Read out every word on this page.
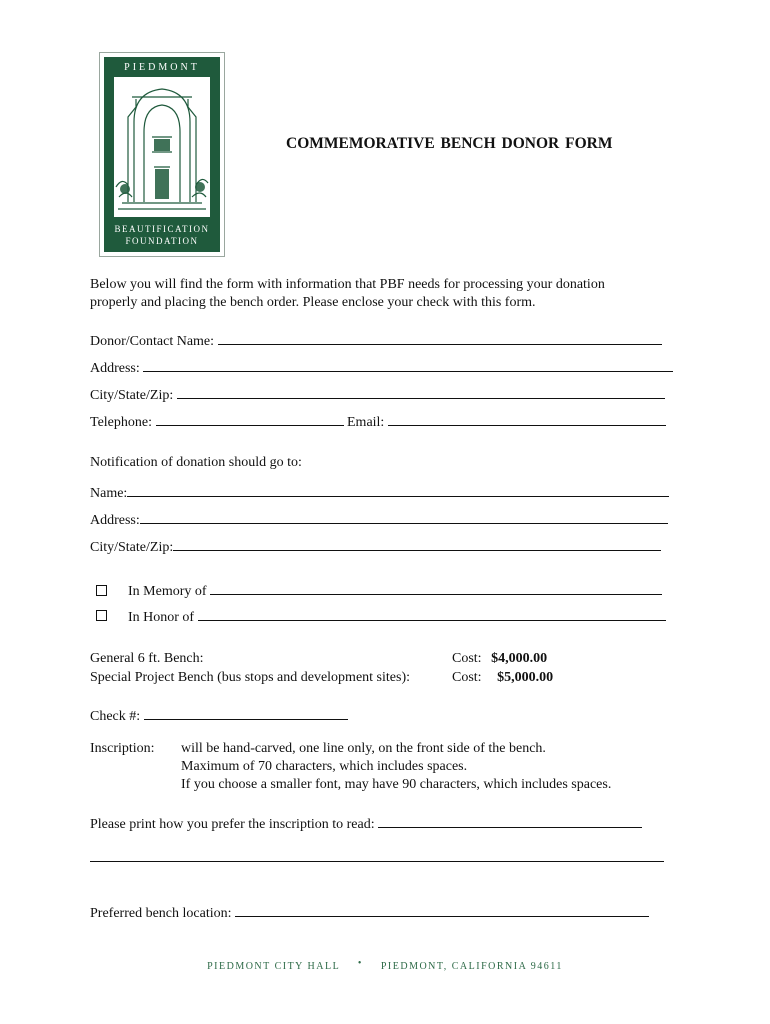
PIEDMONT
BEAUTIFICATION
FOUNDATION
COMMEMORATIVE BENCH DONOR FORM
Below you will find the form with information that PBF needs for processing your donation
properly and placing the bench order. Please enclose your check with this form.
Donor/Contact Name:
Address:
City/State/Zip:
Telephone:	Email:
Notification of donation should go to:
Name:
Address:
City/State/Zip:
In Memory of
In Honor of
General 6 ft. Bench:	Cost: $4,000.00
Special Project Bench (bus stops and development sites):	Cost: $5,000.00
Check #:
Inscription: will be hand-carved, one line only, on the front side of the bench.
Maximum of 70 characters, which includes spaces.
If you choose a smaller font, may have 90 characters, which includes spaces.
Please print how you prefer the inscription to read:
Preferred bench location:
PIEDMONT CITY HALL • PIEDMONT, CALIFORNIA 94611
